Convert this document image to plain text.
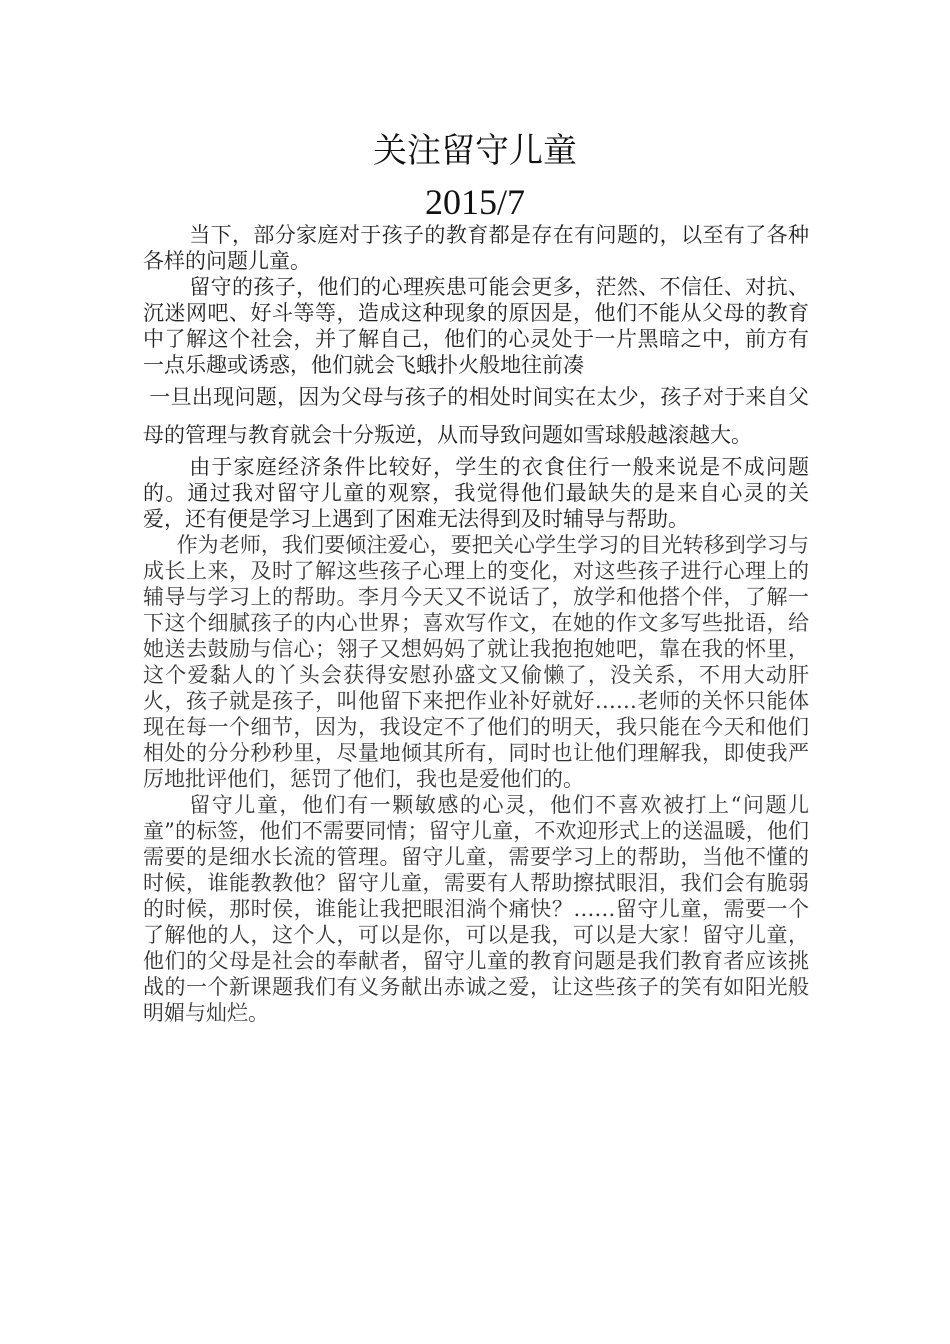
关注留守儿童
2015/7

当下，部分家庭对于孩子的教育都是存在有问题的，以至有了各种各样的问题儿童。

留守的孩子，他们的心理疾患可能会更多，茫然、不信任、对抗、沉迷网吧、好斗等等，造成这种现象的原因是，他们不能从父母的教育中了解这个社会，并了解自己，他们的心灵处于一片黑暗之中，前方有一点乐趣或诱惑，他们就会飞蛾扑火般地往前凑

一旦出现问题，因为父母与孩子的相处时间实在太少，孩子对于来自父母的管理与教育就会十分叛逆，从而导致问题如雪球般越滚越大。

由于家庭经济条件比较好，学生的衣食住行一般来说是不成问题的。通过我对留守儿童的观察，我觉得他们最缺失的是来自心灵的关爱，还有便是学习上遇到了困难无法得到及时辅导与帮助。

作为老师，我们要倾注爱心，要把关心学生学习的目光转移到学习与成长上来，及时了解这些孩子心理上的变化，对这些孩子进行心理上的辅导与学习上的帮助。李月今天又不说话了，放学和他搭个伴，了解一下这个细腻孩子的内心世界；喜欢写作文，在她的作文多写些批语，给她送去鼓励与信心；翎子又想妈妈了就让我抱抱她吧，靠在我的怀里，这个爱黏人的丫头会获得安慰孙盛文又偷懒了，没关系，不用大动肝火，孩子就是孩子，叫他留下来把作业补好就好……老师的关怀只能体现在每一个细节，因为，我设定不了他们的明天，我只能在今天和他们相处的分分秒秒里，尽量地倾其所有，同时也让他们理解我，即使我严厉地批评他们，惩罚了他们，我也是爱他们的。

留守儿童，他们有一颗敏感的心灵，他们不喜欢被打上“问题儿童”的标签，他们不需要同情；留守儿童，不欢迎形式上的送温暖，他们需要的是细水长流的管理。留守儿童，需要学习上的帮助，当他不懂的时候，谁能教教他？留守儿童，需要有人帮助擦拭眼泪，我们会有脆弱的时候，那时侯，谁能让我把眼泪淌个痛快？……留守儿童，需要一个了解他的人，这个人，可以是你，可以是我，可以是大家！留守儿童，他们的父母是社会的奉献者，留守儿童的教育问题是我们教育者应该挑战的一个新课题我们有义务献出赤诚之爱，让这些孩子的笑有如阳光般明媚与灿烂。
